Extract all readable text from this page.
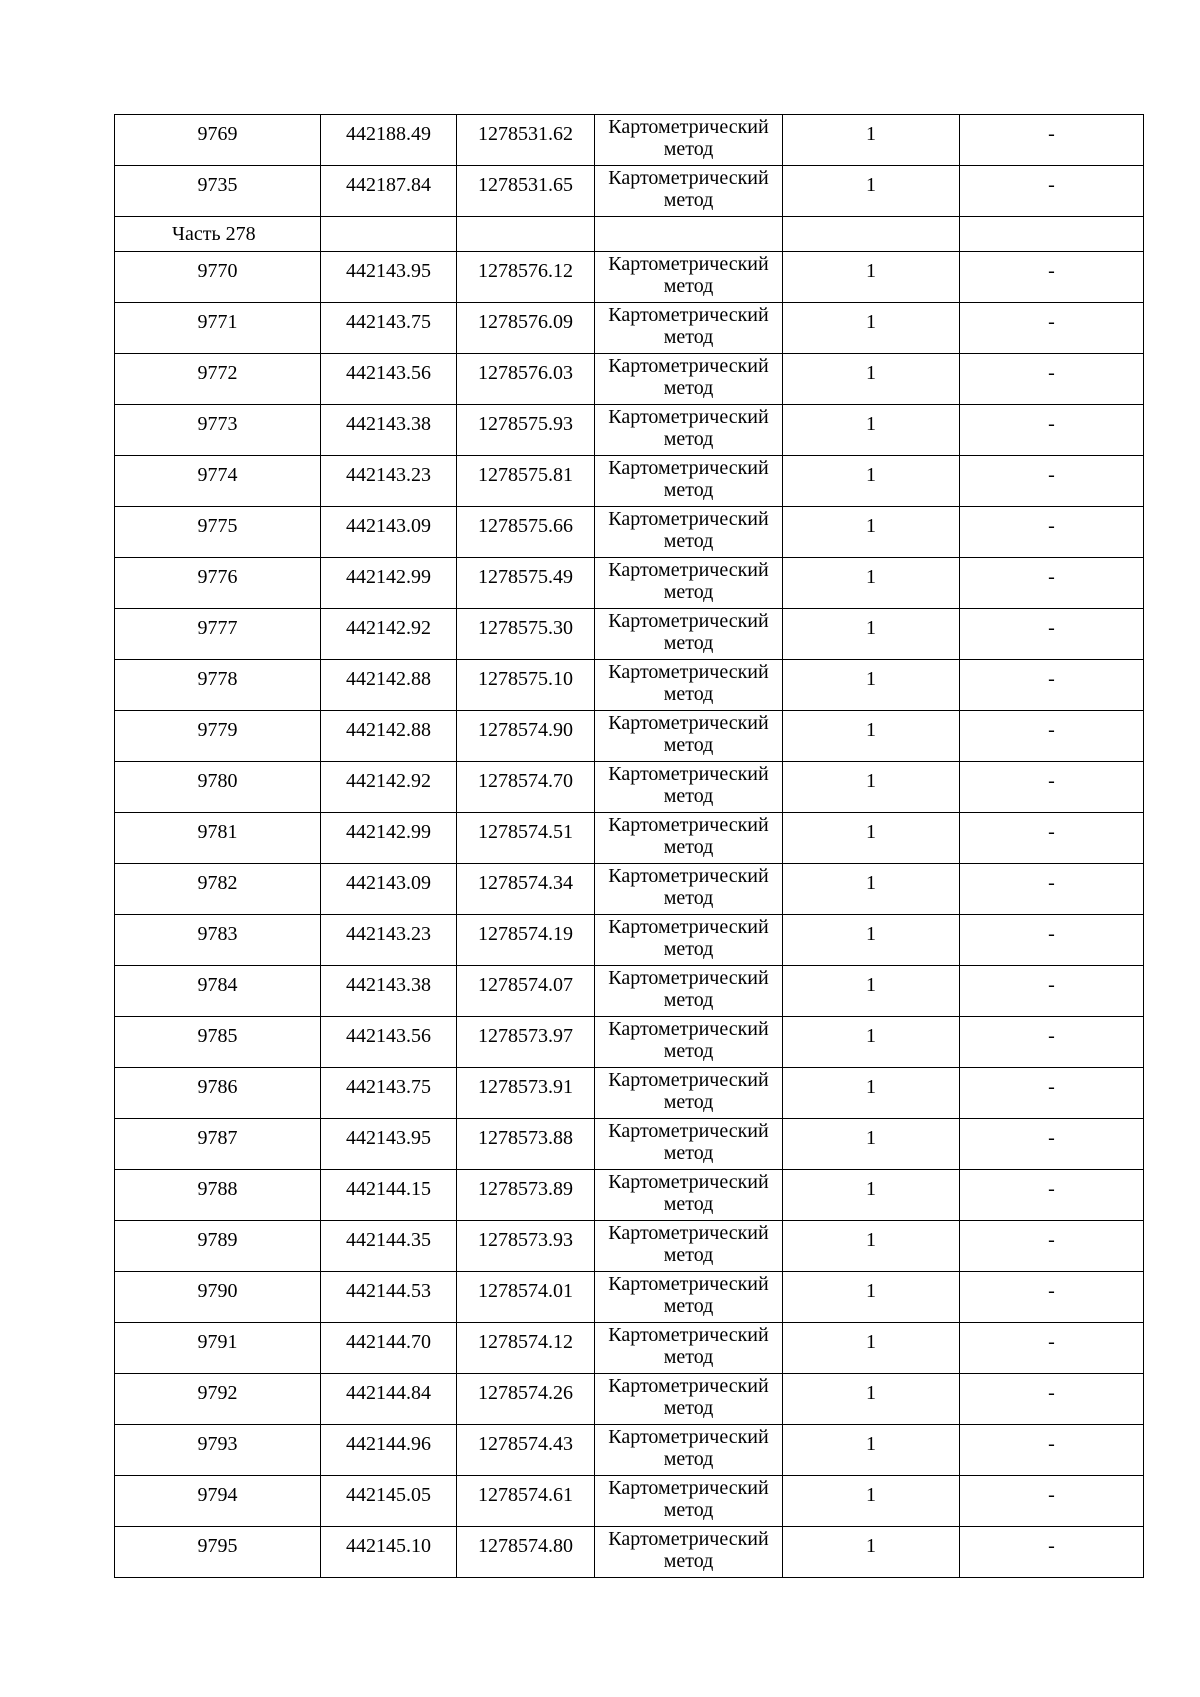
9769	442188.49	1278531.62	Картометрический метод	1	-
9735	442187.84	1278531.65	Картометрический метод	1	-
Часть 278					
9770	442143.95	1278576.12	Картометрический метод	1	-
9771	442143.75	1278576.09	Картометрический метод	1	-
9772	442143.56	1278576.03	Картометрический метод	1	-
9773	442143.38	1278575.93	Картометрический метод	1	-
9774	442143.23	1278575.81	Картометрический метод	1	-
9775	442143.09	1278575.66	Картометрический метод	1	-
9776	442142.99	1278575.49	Картометрический метод	1	-
9777	442142.92	1278575.30	Картометрический метод	1	-
9778	442142.88	1278575.10	Картометрический метод	1	-
9779	442142.88	1278574.90	Картометрический метод	1	-
9780	442142.92	1278574.70	Картометрический метод	1	-
9781	442142.99	1278574.51	Картометрический метод	1	-
9782	442143.09	1278574.34	Картометрический метод	1	-
9783	442143.23	1278574.19	Картометрический метод	1	-
9784	442143.38	1278574.07	Картометрический метод	1	-
9785	442143.56	1278573.97	Картометрический метод	1	-
9786	442143.75	1278573.91	Картометрический метод	1	-
9787	442143.95	1278573.88	Картометрический метод	1	-
9788	442144.15	1278573.89	Картометрический метод	1	-
9789	442144.35	1278573.93	Картометрический метод	1	-
9790	442144.53	1278574.01	Картометрический метод	1	-
9791	442144.70	1278574.12	Картометрический метод	1	-
9792	442144.84	1278574.26	Картометрический метод	1	-
9793	442144.96	1278574.43	Картометрический метод	1	-
9794	442145.05	1278574.61	Картометрический метод	1	-
9795	442145.10	1278574.80	Картометрический метод	1	-
